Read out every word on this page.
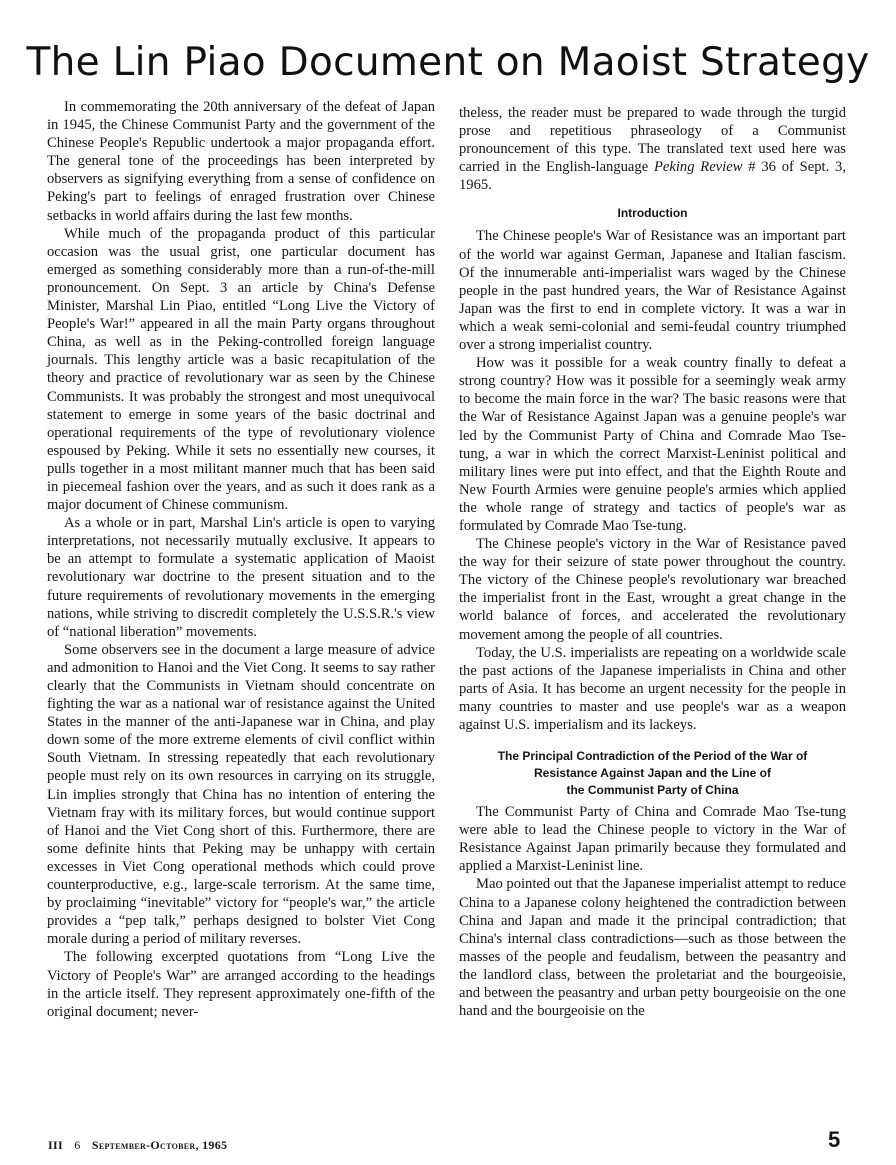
The Lin Piao Document on Maoist Strategy

In commemorating the 20th anniversary of the defeat of Japan in 1945, the Chinese Communist Party and the government of the Chinese People's Republic undertook a major propaganda effort. The general tone of the proceedings has been interpreted by observers as signifying everything from a sense of confidence on Peking's part to feelings of enraged frustration over Chinese setbacks in world affairs during the last few months.

While much of the propaganda product of this particular occasion was the usual grist, one particular document has emerged as something considerably more than a run-of-the-mill pronouncement. On Sept. 3 an article by China's Defense Minister, Marshal Lin Piao, entitled “Long Live the Victory of People's War!” appeared in all the main Party organs throughout China, as well as in the Peking-controlled foreign language journals. This lengthy article was a basic recapitulation of the theory and practice of revolutionary war as seen by the Chinese Communists. It was probably the strongest and most unequivocal statement to emerge in some years of the basic doctrinal and operational requirements of the type of revolutionary violence espoused by Peking. While it sets no essentially new courses, it pulls together in a most militant manner much that has been said in piecemeal fashion over the years, and as such it does rank as a major document of Chinese communism.

As a whole or in part, Marshal Lin's article is open to varying interpretations, not necessarily mutually exclusive. It appears to be an attempt to formulate a systematic application of Maoist revolutionary war doctrine to the present situation and to the future requirements of revolutionary movements in the emerging nations, while striving to discredit completely the U.S.S.R.'s view of “national liberation” movements.

Some observers see in the document a large measure of advice and admonition to Hanoi and the Viet Cong. It seems to say rather clearly that the Communists in Vietnam should concentrate on fighting the war as a national war of resistance against the United States in the manner of the anti-Japanese war in China, and play down some of the more extreme elements of civil conflict within South Vietnam. In stressing repeatedly that each revolutionary people must rely on its own resources in carrying on its struggle, Lin implies strongly that China has no intention of entering the Vietnam fray with its military forces, but would continue support of Hanoi and the Viet Cong short of this. Furthermore, there are some definite hints that Peking may be unhappy with certain excesses in Viet Cong operational methods which could prove counterproductive, e.g., large-scale terrorism. At the same time, by proclaiming “inevitable” victory for “people's war,” the article provides a “pep talk,” perhaps designed to bolster Viet Cong morale during a period of military reverses.

The following excerpted quotations from “Long Live the Victory of People's War” are arranged according to the headings in the article itself. They represent approximately one-fifth of the original document; never-

theless, the reader must be prepared to wade through the turgid prose and repetitious phraseology of a Communist pronouncement of this type. The translated text used here was carried in the English-language Peking Review # 36 of Sept. 3, 1965.

Introduction

The Chinese people's War of Resistance was an important part of the world war against German, Japanese and Italian fascism. Of the innumerable anti-imperialist wars waged by the Chinese people in the past hundred years, the War of Resistance Against Japan was the first to end in complete victory. It was a war in which a weak semi-colonial and semi-feudal country triumphed over a strong imperialist country.

How was it possible for a weak country finally to defeat a strong country? How was it possible for a seemingly weak army to become the main force in the war? The basic reasons were that the War of Resistance Against Japan was a genuine people's war led by the Communist Party of China and Comrade Mao Tse-tung, a war in which the correct Marxist-Leninist political and military lines were put into effect, and that the Eighth Route and New Fourth Armies were genuine people's armies which applied the whole range of strategy and tactics of people's war as formulated by Comrade Mao Tse-tung.

The Chinese people's victory in the War of Resistance paved the way for their seizure of state power throughout the country. The victory of the Chinese people's revolutionary war breached the imperialist front in the East, wrought a great change in the world balance of forces, and accelerated the revolutionary movement among the people of all countries.

Today, the U.S. imperialists are repeating on a worldwide scale the past actions of the Japanese imperialists in China and other parts of Asia. It has become an urgent necessity for the people in many countries to master and use people's war as a weapon against U.S. imperialism and its lackeys.

The Principal Contradiction of the Period of the War of
Resistance Against Japan and the Line of
the Communist Party of China

The Communist Party of China and Comrade Mao Tse-tung were able to lead the Chinese people to victory in the War of Resistance Against Japan primarily because they formulated and applied a Marxist-Leninist line.

Mao pointed out that the Japanese imperialist attempt to reduce China to a Japanese colony heightened the contradiction between China and Japan and made it the principal contradiction; that China's internal class contradictions—such as those between the masses of the people and feudalism, between the peasantry and the landlord class, between the proletariat and the bourgeoisie, and between the peasantry and urban petty bourgeoisie on the one hand and the bourgeoisie on the

III 6 September-October, 1965	5
